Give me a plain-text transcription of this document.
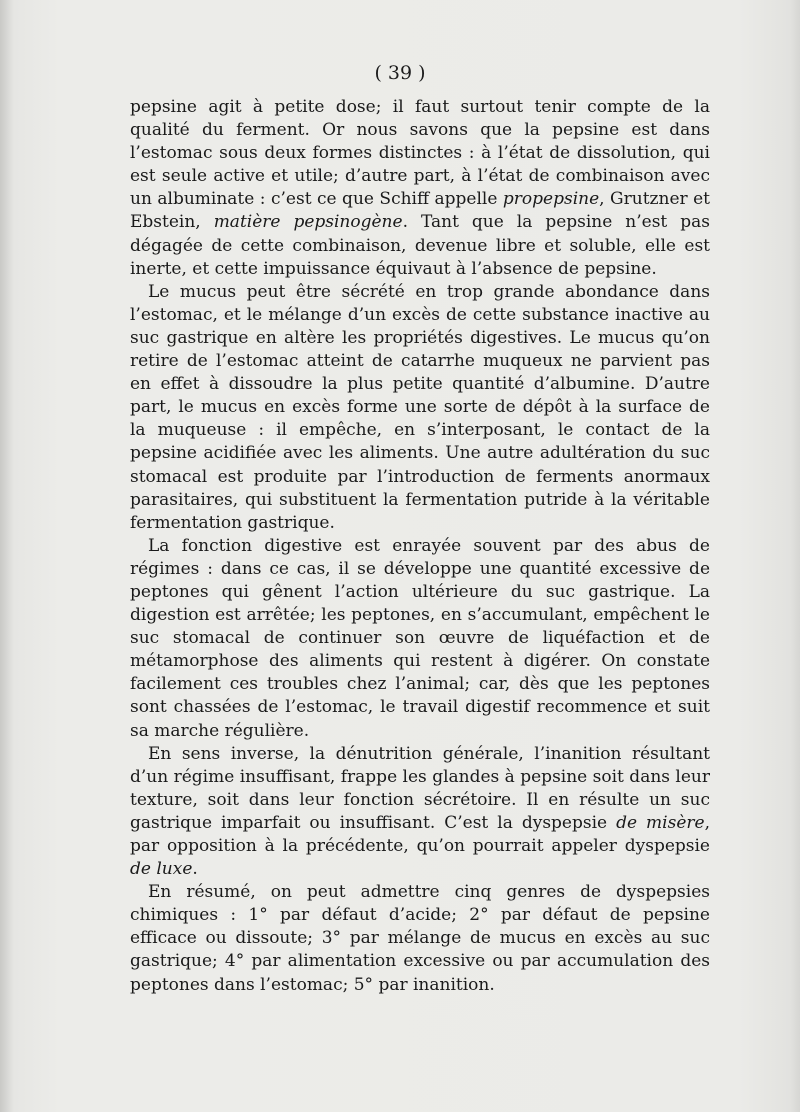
( 39 )

pepsine agit à petite dose; il faut surtout tenir compte de la qualité du ferment. Or nous savons que la pepsine est dans l’estomac sous deux formes distinctes : à l’état de dissolution, qui est seule active et utile; d’autre part, à l’état de combinaison avec un albuminate : c’est ce que Schiff appelle propepsine, Grutzner et Ebstein, matière pepsinogène. Tant que la pepsine n’est pas dégagée de cette combinaison, devenue libre et soluble, elle est inerte, et cette impuissance équivaut à l’absence de pepsine.

Le mucus peut être sécrété en trop grande abondance dans l’estomac, et le mélange d’un excès de cette substance inactive au suc gastrique en altère les propriétés digestives. Le mucus qu’on retire de l’estomac atteint de catarrhe muqueux ne parvient pas en effet à dissoudre la plus petite quantité d’albumine. D’autre part, le mucus en excès forme une sorte de dépôt à la surface de la muqueuse : il empêche, en s’interposant, le contact de la pepsine acidifiée avec les aliments. Une autre adultération du suc stomacal est produite par l’introduction de ferments anormaux parasitaires, qui substituent la fermentation putride à la véritable fermentation gastrique.

La fonction digestive est enrayée souvent par des abus de régimes : dans ce cas, il se développe une quantité excessive de peptones qui gênent l’action ultérieure du suc gastrique. La digestion est arrêtée; les peptones, en s’accumulant, empêchent le suc stomacal de continuer son œuvre de liquéfaction et de métamorphose des aliments qui restent à digérer. On constate facilement ces troubles chez l’animal; car, dès que les peptones sont chassées de l’estomac, le travail digestif recommence et suit sa marche régulière.

En sens inverse, la dénutrition générale, l’inanition résultant d’un régime insuffisant, frappe les glandes à pepsine soit dans leur texture, soit dans leur fonction sécrétoire. Il en résulte un suc gastrique imparfait ou insuffisant. C’est la dyspepsie de misère, par opposition à la précédente, qu’on pourrait appeler dyspepsie de luxe.

En résumé, on peut admettre cinq genres de dyspepsies chimiques : 1° par défaut d’acide; 2° par défaut de pepsine efficace ou dissoute; 3° par mélange de mucus en excès au suc gastrique; 4° par alimentation excessive ou par accumulation des peptones dans l’estomac; 5° par inanition.
